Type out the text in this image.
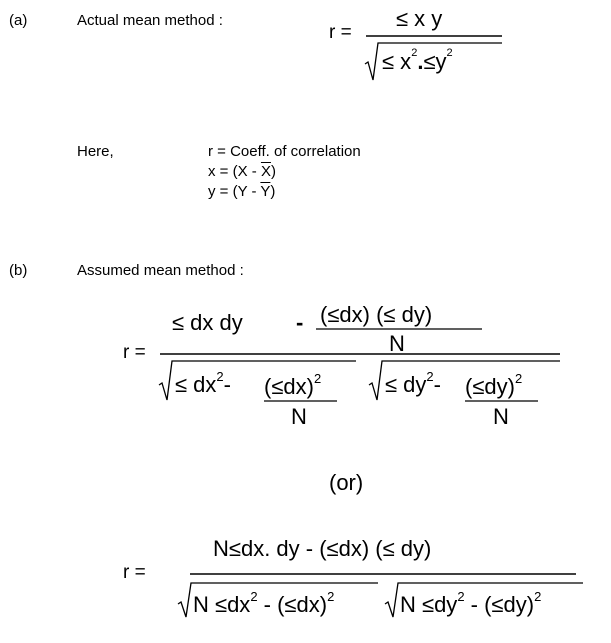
(a)	Actual mean method :
r =
≤ x y
≤ $x^2.\le y^2$
Here,	r = Coeff. of correlation
$x = (X - \overline{X})$
$y = (Y - \overline{Y})$
(b)	Assumed mean method :
r =
≤ dx dy - (≤dx) (≤ dy)
N
≤ $dx^2-$ (≤dx)$^2$
N
≤ $dy^2-$ (≤dy)$^2$
N
(or)
r =
N≤dx. dy - (≤dx) (≤ dy)
$N \le dx^2 - (\le dx)^2$	$N \le dy^2 - (\le dy)^2$
